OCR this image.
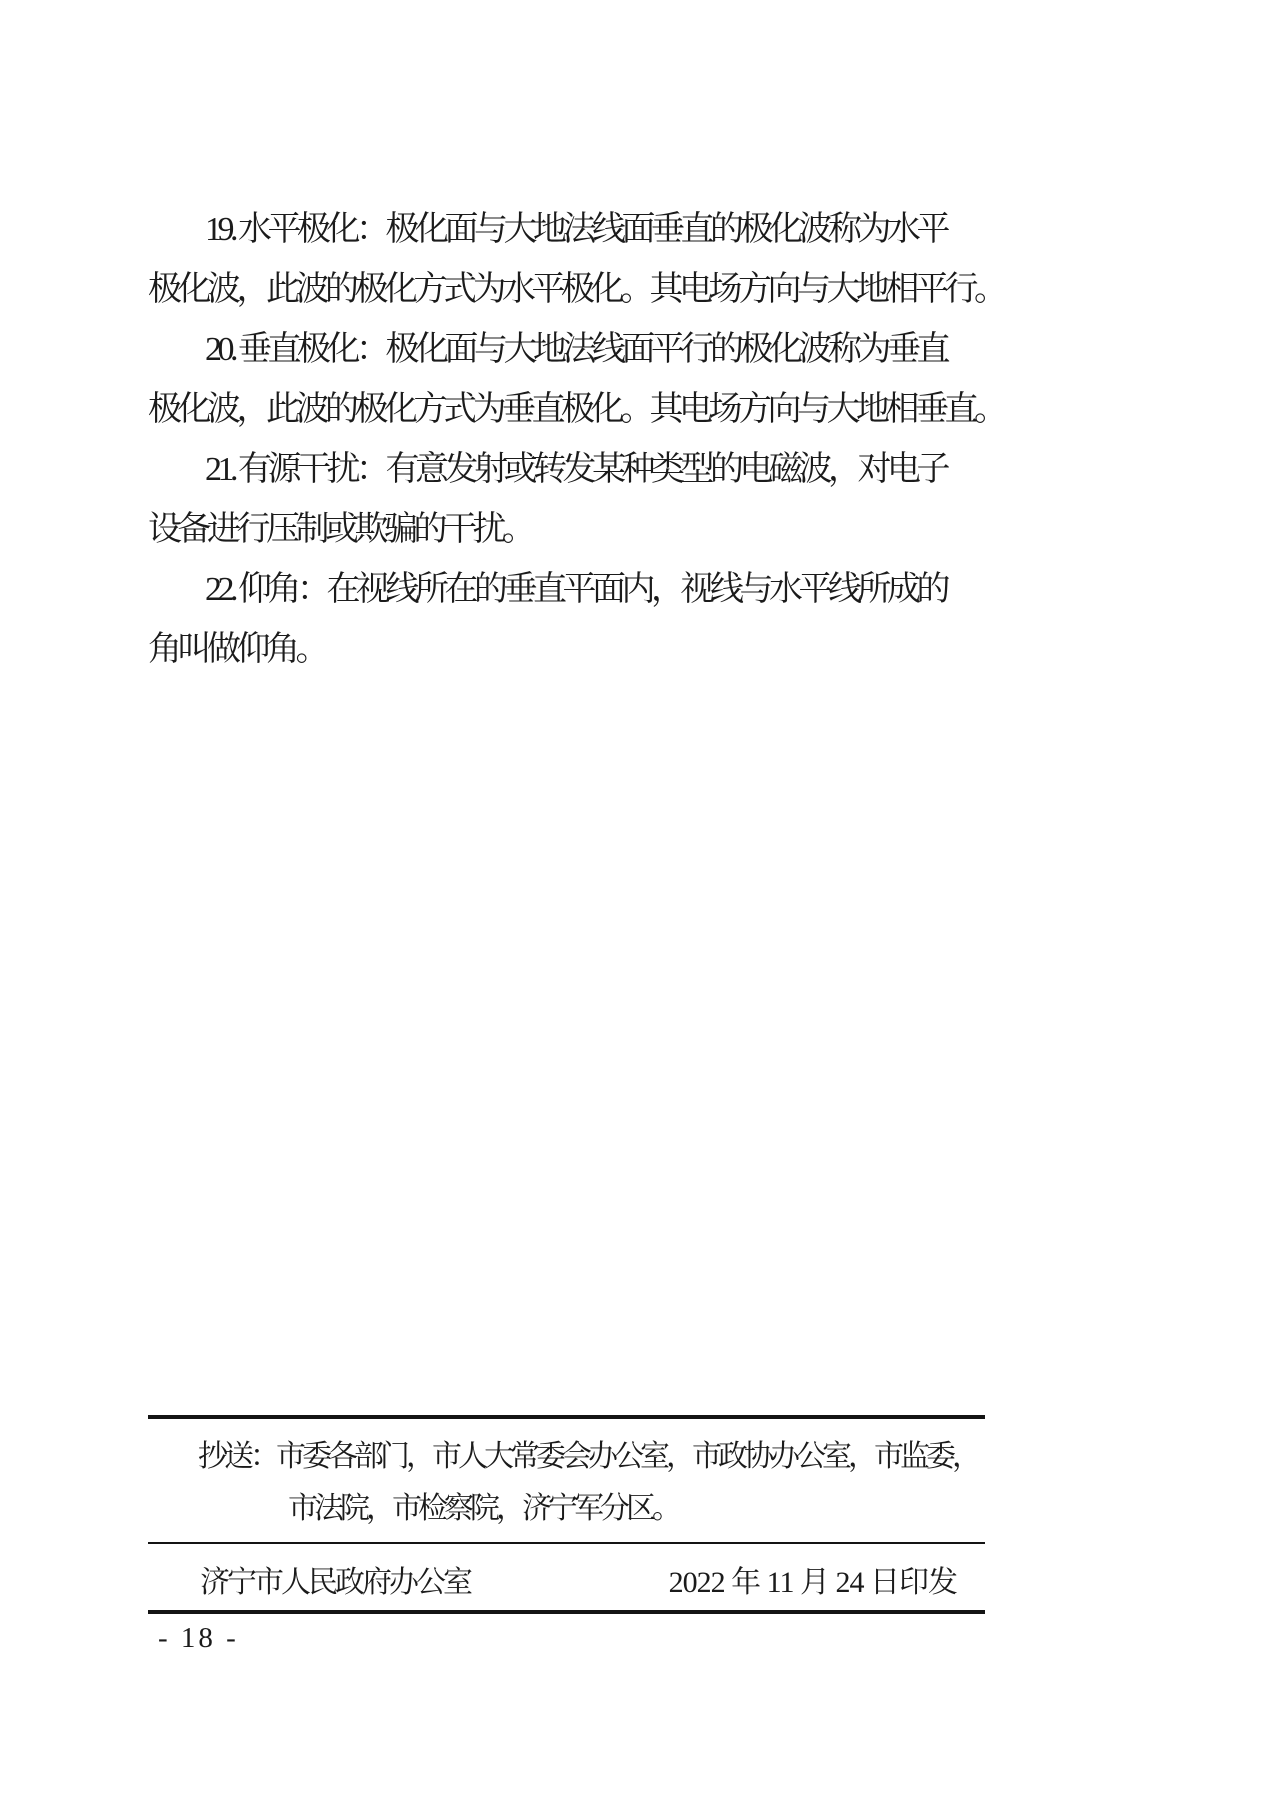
19. 水平极化：极化面与大地法线面垂直的极化波称为水平
极化波，此波的极化方式为水平极化。其电场方向与大地相平行。
20. 垂直极化：极化面与大地法线面平行的极化波称为垂直
极化波，此波的极化方式为垂直极化。其电场方向与大地相垂直。
21. 有源干扰：有意发射或转发某种类型的电磁波，对电子
设备进行压制或欺骗的干扰。
22. 仰角：在视线所在的垂直平面内，视线与水平线所成的
角叫做仰角。
抄送：市委各部门，市人大常委会办公室，市政协办公室，市监委，
市法院，市检察院，济宁军分区。
济宁市人民政府办公室	2022 年 11 月 24 日印发
- 18 -
